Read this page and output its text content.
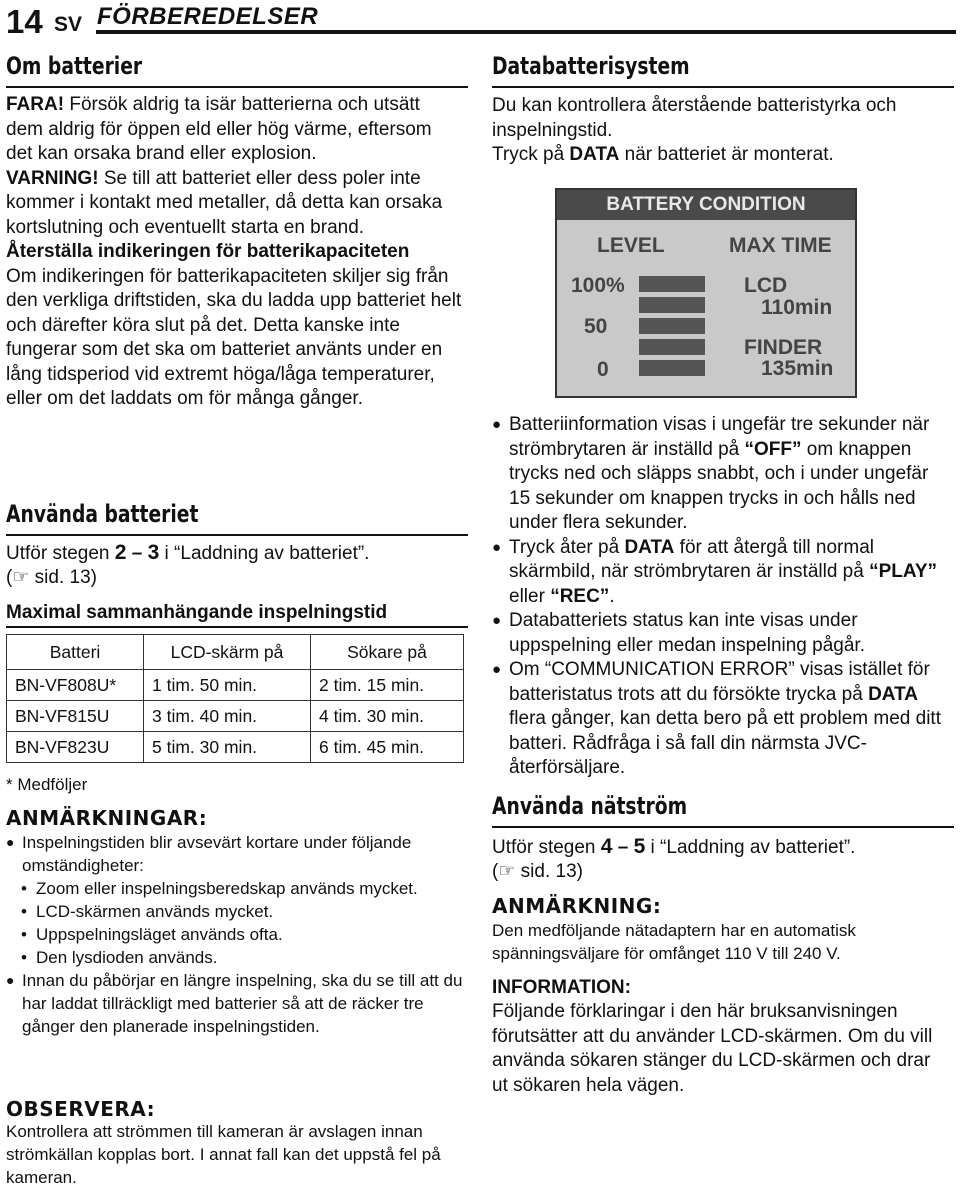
14 SV FÖRBEREDELSER
Om batterier

FARA! Försök aldrig ta isär batterierna och utsätt dem aldrig för öppen eld eller hög värme, eftersom det kan orsaka brand eller explosion.

VARNING! Se till att batteriet eller dess poler inte kommer i kontakt med metaller, då detta kan orsaka kortslutning och eventuellt starta en brand.

Återställa indikeringen för batterikapaciteten

Om indikeringen för batterikapaciteten skiljer sig från den verkliga driftstiden, ska du ladda upp batteriet helt och därefter köra slut på det. Detta kanske inte fungerar som det ska om batteriet använts under en lång tidsperiod vid extremt höga/låga temperaturer, eller om det laddats om för många gånger.

Använda batteriet
Utför stegen 2 – 3 i “Laddning av batteriet”.
(☞ sid. 13)
Maximal sammanhängande inspelningstid
Batteri	LCD-skärm på	Sökare på
BN-VF808U*	1 tim. 50 min.	2 tim. 15 min.
BN-VF815U	3 tim. 40 min.	4 tim. 30 min.
BN-VF823U	5 tim. 30 min.	6 tim. 45 min.
* Medföljer
ANMÄRKNINGAR:

● Inspelningstiden blir avsevärt kortare under följande omständigheter:

• Zoom eller inspelningsberedskap används mycket.

• LCD-skärmen används mycket.

• Uppspelningsläget används ofta.

• Den lysdioden används.

● Innan du påbörjar en längre inspelning, ska du se till att du har laddat tillräckligt med batterier så att de räcker tre gånger den planerade inspelningstiden.

OBSERVERA:

Kontrollera att strömmen till kameran är avslagen innan strömkällan kopplas bort. I annat fall kan det uppstå fel på kameran.

Databatterisystem

Du kan kontrollera återstående batteristyrka och inspelningstid.

Tryck på DATA när batteriet är monterat.

BATTERY CONDITION
LEVEL	MAX TIME
100%
50
0
LCD
110min
FINDER
135min

● Batteriinformation visas i ungefär tre sekunder när strömbrytaren är inställd på “OFF” om knappen trycks ned och släpps snabbt, och i under ungefär 15 sekunder om knappen trycks in och hålls ned under flera sekunder.

● Tryck åter på DATA för att återgå till normal skärmbild, när strömbrytaren är inställd på “PLAY” eller “REC”.

● Databatteriets status kan inte visas under uppspelning eller medan inspelning pågår.

● Om “COMMUNICATION ERROR” visas istället för batteristatus trots att du försökte trycka på DATA flera gånger, kan detta bero på ett problem med ditt batteri. Rådfråga i så fall din närmsta JVC-återförsäljare.

Använda nätström
Utför stegen 4 – 5 i “Laddning av batteriet”.
(☞ sid. 13)
ANMÄRKNING:

Den medföljande nätadaptern har en automatisk spänningsväljare för omfånget 110 V till 240 V.

INFORMATION:

Följande förklaringar i den här bruksanvisningen förutsätter att du använder LCD-skärmen. Om du vill använda sökaren stänger du LCD-skärmen och drar ut sökaren hela vägen.
